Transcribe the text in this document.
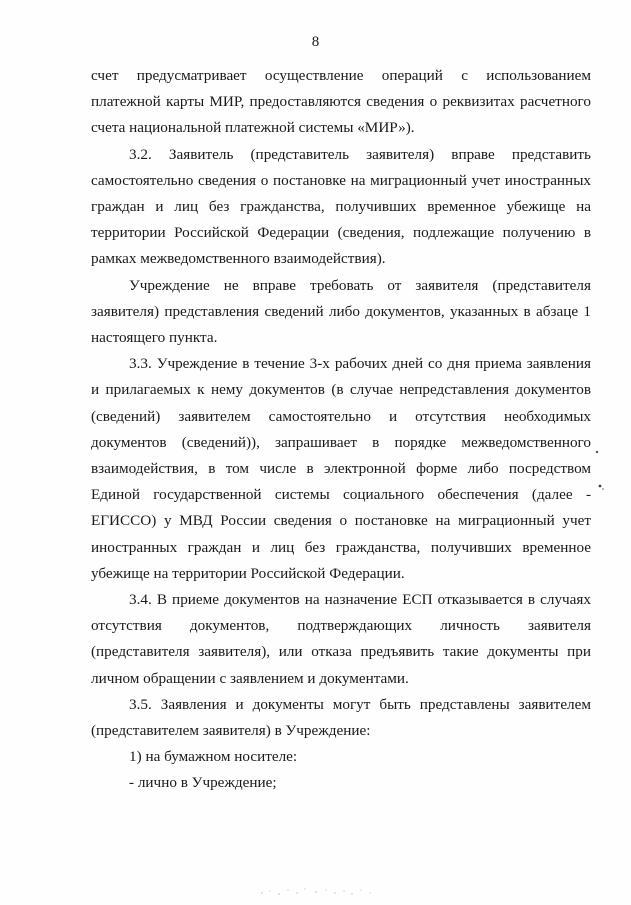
8

счет предусматривает осуществление операций с использованием платежной карты МИР, предоставляются сведения о реквизитах расчетного счета национальной платежной системы «МИР»).

3.2. Заявитель (представитель заявителя) вправе представить самостоятельно сведения о постановке на миграционный учет иностранных граждан и лиц без гражданства, получивших временное убежище на территории Российской Федерации (сведения, подлежащие получению в рамках межведомственного взаимодействия).

Учреждение не вправе требовать от заявителя (представителя заявителя) представления сведений либо документов, указанных в абзаце 1 настоящего пункта.

3.3. Учреждение в течение 3-х рабочих дней со дня приема заявления и прилагаемых к нему документов (в случае непредставления документов (сведений) заявителем самостоятельно и отсутствия необходимых документов (сведений)), запрашивает в порядке межведомственного взаимодействия, в том числе в электронной форме либо посредством Единой государственной системы социального обеспечения (далее - ЕГИССО) у МВД России сведения о постановке на миграционный учет иностранных граждан и лиц без гражданства, получивших временное убежище на территории Российской Федерации.

3.4. В приеме документов на назначение ЕСП отказывается в случаях отсутствия документов, подтверждающих личность заявителя (представителя заявителя), или отказа предъявить такие документы при личном обращении с заявлением и документами.

3.5. Заявления и документы могут быть представлены заявителем (представителем заявителя) в Учреждение:

1) на бумажном носителе:

- лично в Учреждение;
